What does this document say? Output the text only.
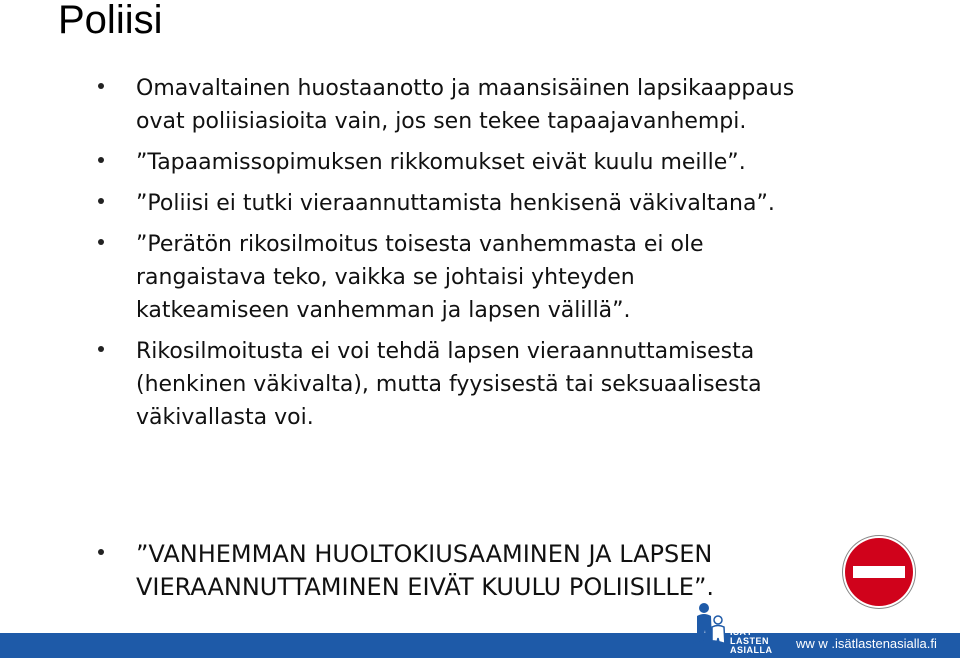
Poliisi
Omavaltainen huostaanotto ja maansisäinen lapsikaappaus
ovat poliisiasioita vain, jos sen tekee tapaajavanhempi.
”Tapaamissopimuksen rikkomukset eivät kuulu meille”.
”Poliisi ei tutki vieraannuttamista henkisenä väkivaltana”.
”Perätön rikosilmoitus toisesta vanhemmasta ei ole
rangaistava teko, vaikka se johtaisi yhteyden
katkeamiseen vanhemman ja lapsen välillä”.
Rikosilmoitusta ei voi tehdä lapsen vieraannuttamisesta
(henkinen väkivalta), mutta fyysisestä tai seksuaalisesta
väkivallasta voi.
”VANHEMMAN HUOLTOKIUSAAMINEN JA LAPSEN
VIERAANNUTTAMINEN EIVÄT KUULU POLIISILLE”.
ISÄT
LASTEN
ASIALLA ww w .isätlastenasialla.fi
